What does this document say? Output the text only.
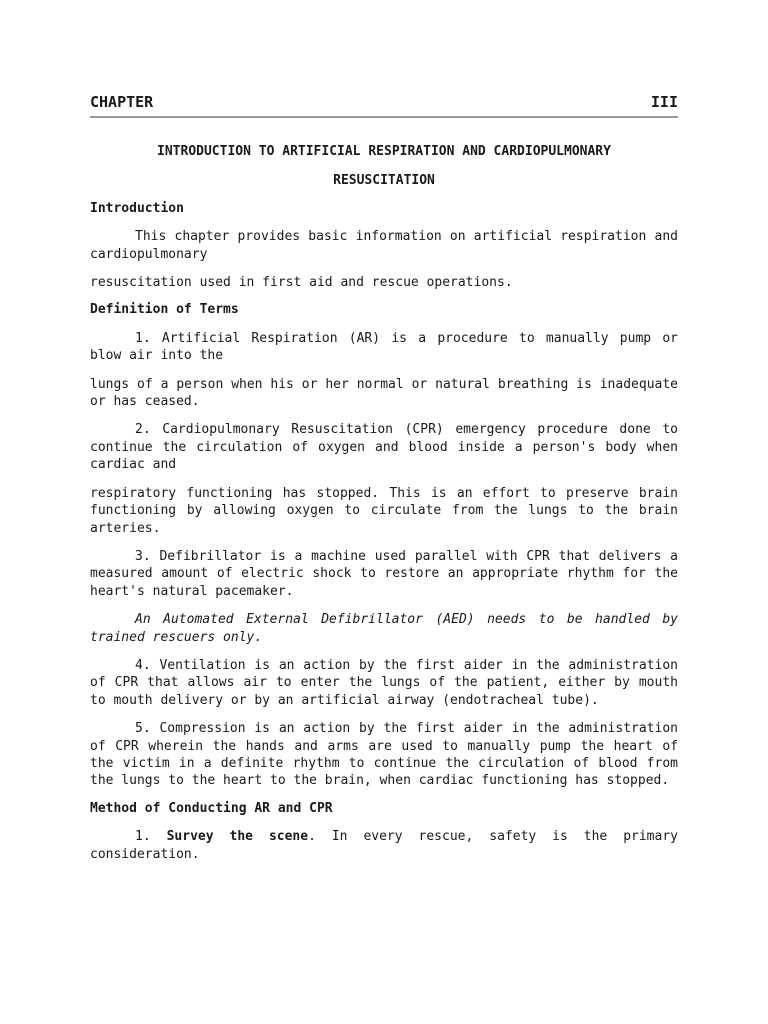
CHAPTER	III

INTRODUCTION TO ARTIFICIAL RESPIRATION AND CARDIOPULMONARY

RESUSCITATION

Introduction

This chapter provides basic information on artificial respiration and cardiopulmonary

resuscitation used in first aid and rescue operations.

Definition of Terms

1. Artificial Respiration (AR) is a procedure to manually pump or blow air into the

lungs of a person when his or her normal or natural breathing is inadequate or has ceased.

2. Cardiopulmonary Resuscitation (CPR) emergency procedure done to continue the circulation of oxygen and blood inside a person's body when cardiac and

respiratory functioning has stopped. This is an effort to preserve brain functioning by allowing oxygen to circulate from the lungs to the brain arteries.

3. Defibrillator is a machine used parallel with CPR that delivers a measured amount of electric shock to restore an appropriate rhythm for the heart's natural pacemaker.

An Automated External Defibrillator (AED) needs to be handled by trained rescuers only.

4. Ventilation is an action by the first aider in the administration of CPR that allows air to enter the lungs of the patient, either by mouth to mouth delivery or by an artificial airway (endotracheal tube).

5. Compression is an action by the first aider in the administration of CPR wherein the hands and arms are used to manually pump the heart of the victim in a definite rhythm to continue the circulation of blood from the lungs to the heart to the brain, when cardiac functioning has stopped.

Method of Conducting AR and CPR

1. Survey the scene. In every rescue, safety is the primary consideration.
